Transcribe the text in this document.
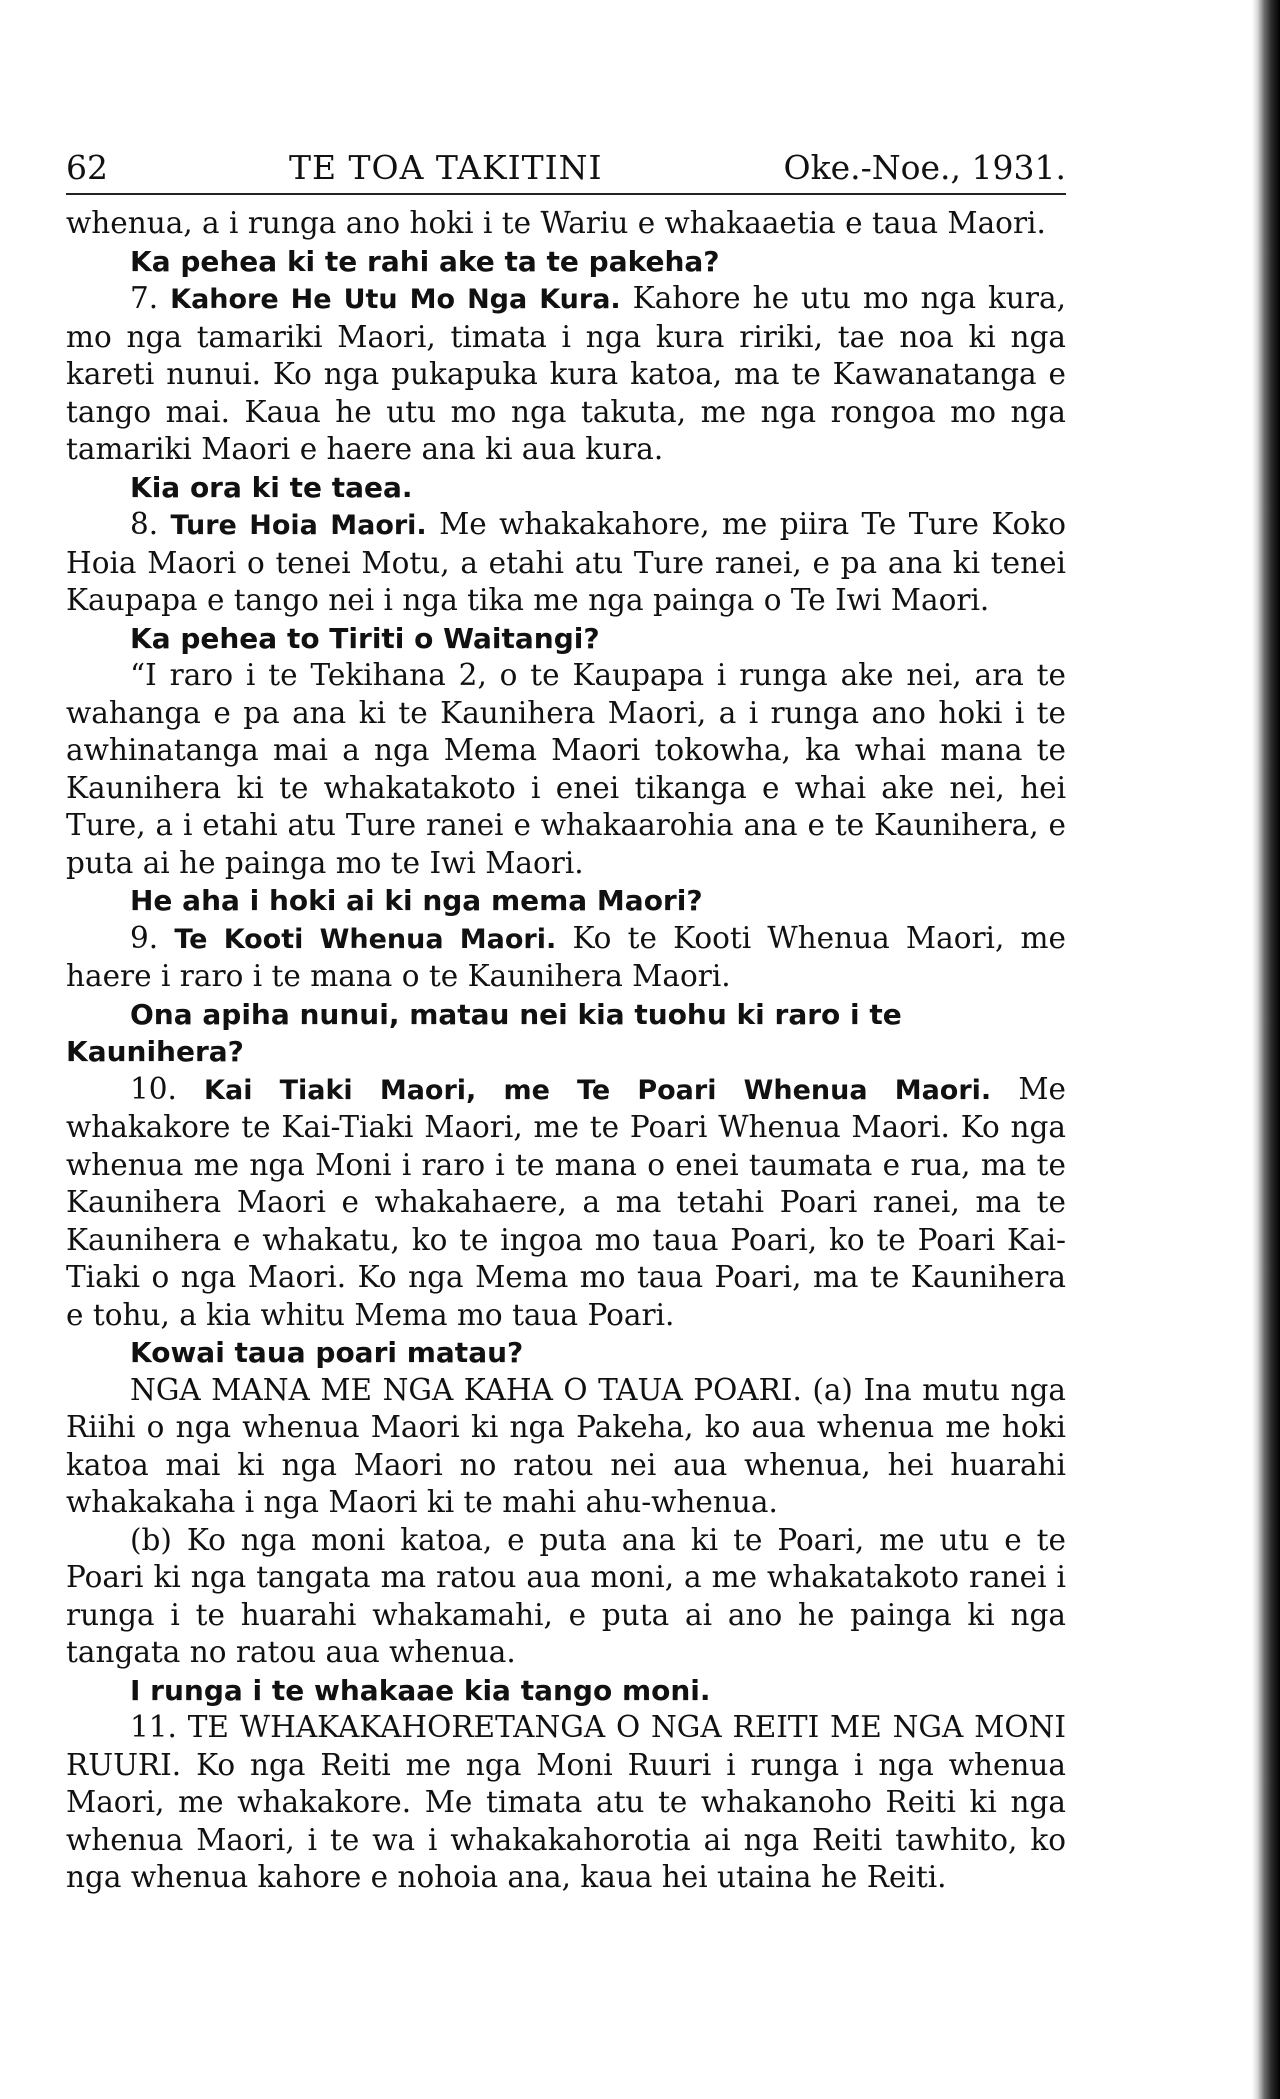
62	TE TOA TAKITINI	Oke.-Noe., 1931.

whenua, a i runga ano hoki i te Wariu e whakaaetia e taua Maori.

Ka pehea ki te rahi ake ta te pakeha?

7. Kahore He Utu Mo Nga Kura. Kahore he utu mo nga kura, mo nga tamariki Maori, timata i nga kura ririki, tae noa ki nga kareti nunui. Ko nga pukapuka kura katoa, ma te Kawanatanga e tango mai. Kaua he utu mo nga takuta, me nga rongoa mo nga tamariki Maori e haere ana ki aua kura.

Kia ora ki te taea.

8. Ture Hoia Maori. Me whakakahore, me piira Te Ture Koko Hoia Maori o tenei Motu, a etahi atu Ture ranei, e pa ana ki tenei Kaupapa e tango nei i nga tika me nga painga o Te Iwi Maori.

Ka pehea to Tiriti o Waitangi?

“I raro i te Tekihana 2, o te Kaupapa i runga ake nei, ara te wahanga e pa ana ki te Kaunihera Maori, a i runga ano hoki i te awhinatanga mai a nga Mema Maori tokowha, ka whai mana te Kaunihera ki te whakatakoto i enei tikanga e whai ake nei, hei Ture, a i etahi atu Ture ranei e whakaarohia ana e te Kaunihera, e puta ai he painga mo te Iwi Maori.

He aha i hoki ai ki nga mema Maori?

9. Te Kooti Whenua Maori. Ko te Kooti Whenua Maori, me haere i raro i te mana o te Kaunihera Maori.

Ona apiha nunui, matau nei kia tuohu ki raro i te Kaunihera?

10. Kai Tiaki Maori, me Te Poari Whenua Maori. Me whakakore te Kai-Tiaki Maori, me te Poari Whenua Maori. Ko nga whenua me nga Moni i raro i te mana o enei taumata e rua, ma te Kaunihera Maori e whakahaere, a ma tetahi Poari ranei, ma te Kaunihera e whakatu, ko te ingoa mo taua Poari, ko te Poari Kai-Tiaki o nga Maori. Ko nga Mema mo taua Poari, ma te Kaunihera e tohu, a kia whitu Mema mo taua Poari.

Kowai taua poari matau?

NGA MANA ME NGA KAHA O TAUA POARI. (a) Ina mutu nga Riihi o nga whenua Maori ki nga Pakeha, ko aua whenua me hoki katoa mai ki nga Maori no ratou nei aua whenua, hei huarahi whakakaha i nga Maori ki te mahi ahu-whenua.

(b) Ko nga moni katoa, e puta ana ki te Poari, me utu e te Poari ki nga tangata ma ratou aua moni, a me whakatakoto ranei i runga i te huarahi whakamahi, e puta ai ano he painga ki nga tangata no ratou aua whenua.

I runga i te whakaae kia tango moni.

11. TE WHAKAKAHORETANGA O NGA REITI ME NGA MONI RUURI. Ko nga Reiti me nga Moni Ruuri i runga i nga whenua Maori, me whakakore. Me timata atu te whakanoho Reiti ki nga whenua Maori, i te wa i whakakahorotia ai nga Reiti tawhito, ko nga whenua kahore e nohoia ana, kaua hei utaina he Reiti.
